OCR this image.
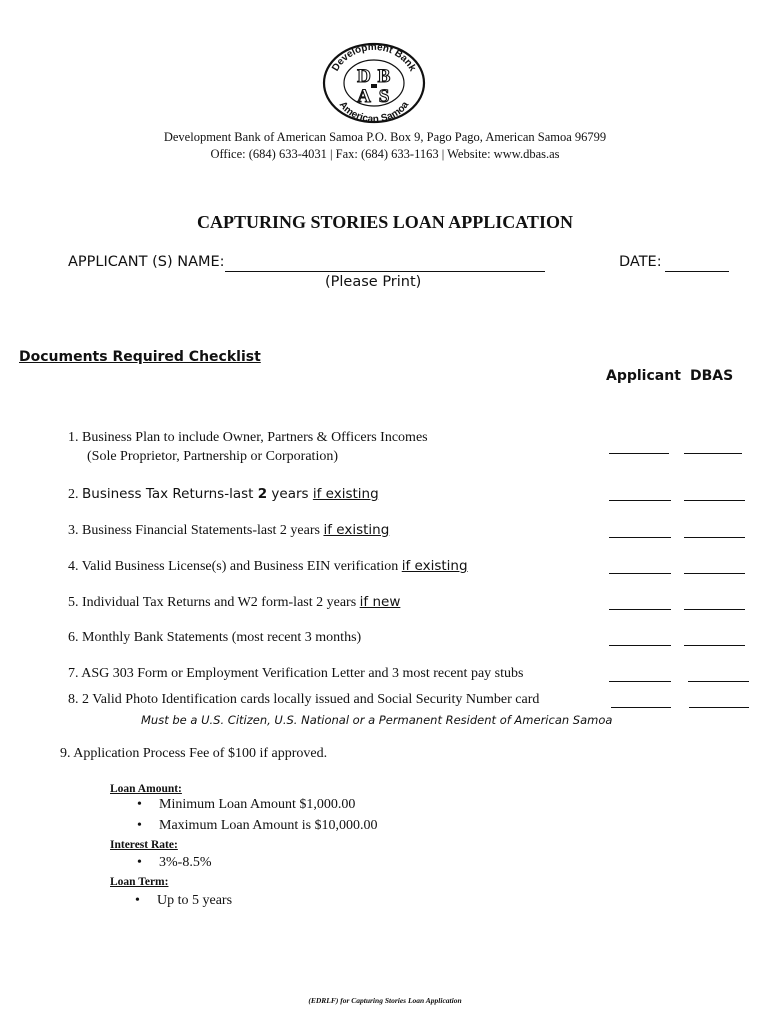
Development Bank
American Samoa
D B
A S
Development Bank of American Samoa P.O. Box 9, Pago Pago, American Samoa 96799
Office: (684) 633-4031 | Fax: (684) 633-1163 | Website: www.dbas.as
CAPTURING STORIES LOAN APPLICATION
APPLICANT (S) NAME:
(Please Print)
DATE:
Documents Required Checklist
Applicant DBAS
1. Business Plan to include Owner, Partners & Officers Incomes
(Sole Proprietor, Partnership or Corporation)
2. Business Tax Returns-last 2 years if existing
3. Business Financial Statements-last 2 years if existing
4. Valid Business License(s) and Business EIN verification if existing
5. Individual Tax Returns and W2 form-last 2 years if new
6. Monthly Bank Statements (most recent 3 months)
7. ASG 303 Form or Employment Verification Letter and 3 most recent pay stubs
8. 2 Valid Photo Identification cards locally issued and Social Security Number card
Must be a U.S. Citizen, U.S. National or a Permanent Resident of American Samoa
9. Application Process Fee of $100 if approved.
Loan Amount:
• Minimum Loan Amount $1,000.00
• Maximum Loan Amount is $10,000.00
Interest Rate:
• 3%-8.5%
Loan Term:
• Up to 5 years
(EDRLF) for Capturing Stories Loan Application
